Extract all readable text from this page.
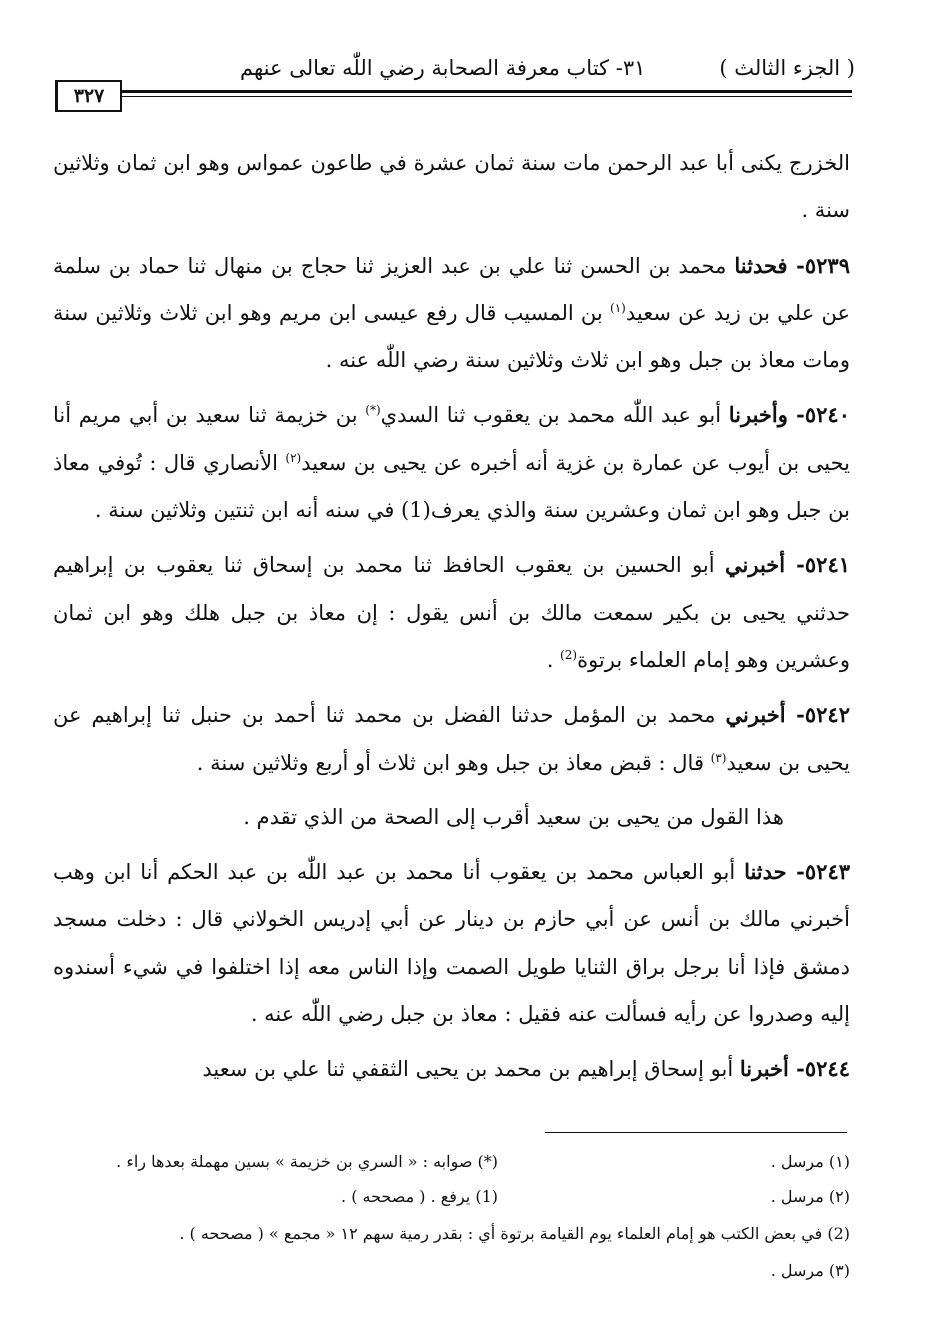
( الجزء الثالث )
٣١- كتاب معرفة الصحابة رضي اللّٰه تعالى عنهم
٣٢٧

الخزرج يكنى أبا عبد الرحمن مات سنة ثمان عشرة في طاعون عمواس وهو ابن ثمان وثلاثين سنة .

٥٢٣٩- فحدثنا محمد بن الحسن ثنا علي بن عبد العزيز ثنا حجاج بن منهال ثنا حماد بن سلمة عن علي بن زيد عن سعيد$^{(١)}$ بن المسيب قال رفع عيسى ابن مريم وهو ابن ثلاث وثلاثين سنة ومات معاذ بن جبل وهو ابن ثلاث وثلاثين سنة رضي اللّٰه عنه .

٥٢٤٠- وأخبرنا أبو عبد اللّٰه محمد بن يعقوب ثنا السدي(*) بن خزيمة ثنا سعيد بن أبي مريم أنا يحيى بن أيوب عن عمارة بن غزية أنه أخبره عن يحيى بن سعيد$^{(٢)}$ الأنصاري قال : تُوفي معاذ بن جبل وهو ابن ثمان وعشرين سنة والذي يعرف(1) في سنه أنه ابن ثنتين وثلاثين سنة .

٥٢٤١- أخبرني أبو الحسين بن يعقوب الحافظ ثنا محمد بن إسحاق ثنا يعقوب بن إبراهيم حدثني يحيى بن بكير سمعت مالك بن أنس يقول : إن معاذ بن جبل هلك وهو ابن ثمان وعشرين وهو إمام العلماء برتوة$^{(2)}$ .

٥٢٤٢- أخبرني محمد بن المؤمل حدثنا الفضل بن محمد ثنا أحمد بن حنبل ثنا إبراهيم عن يحيى بن سعيد$^{(٣)}$ قال : قبض معاذ بن جبل وهو ابن ثلاث أو أربع وثلاثين سنة .

هذا القول من يحيى بن سعيد أقرب إلى الصحة من الذي تقدم .

٥٢٤٣- حدثنا أبو العباس محمد بن يعقوب أنا محمد بن عبد اللّٰه بن عبد الحكم أنا ابن وهب أخبرني مالك بن أنس عن أبي حازم بن دينار عن أبي إدريس الخولاني قال : دخلت مسجد دمشق فإذا أنا برجل براق الثنايا طويل الصمت وإذا الناس معه إذا اختلفوا في شيء أسندوه إليه وصدروا عن رأيه فسألت عنه فقيل : معاذ بن جبل رضي اللّٰه عنه .

٥٢٤٤- أخبرنا أبو إسحاق إبراهيم بن محمد بن يحيى الثقفي ثنا علي بن سعيد

(١) مرسل .
(*) صوابه : « السري بن خزيمة » بسين مهملة بعدها راء .
(٢) مرسل .
(1) يرفع . ( مصححه ) .
(2) في بعض الكتب هو إمام العلماء يوم القيامة برتوة أي : بقدر رمية سهم ١٢ « مجمع » ( مصححه ) .
(٣) مرسل .
